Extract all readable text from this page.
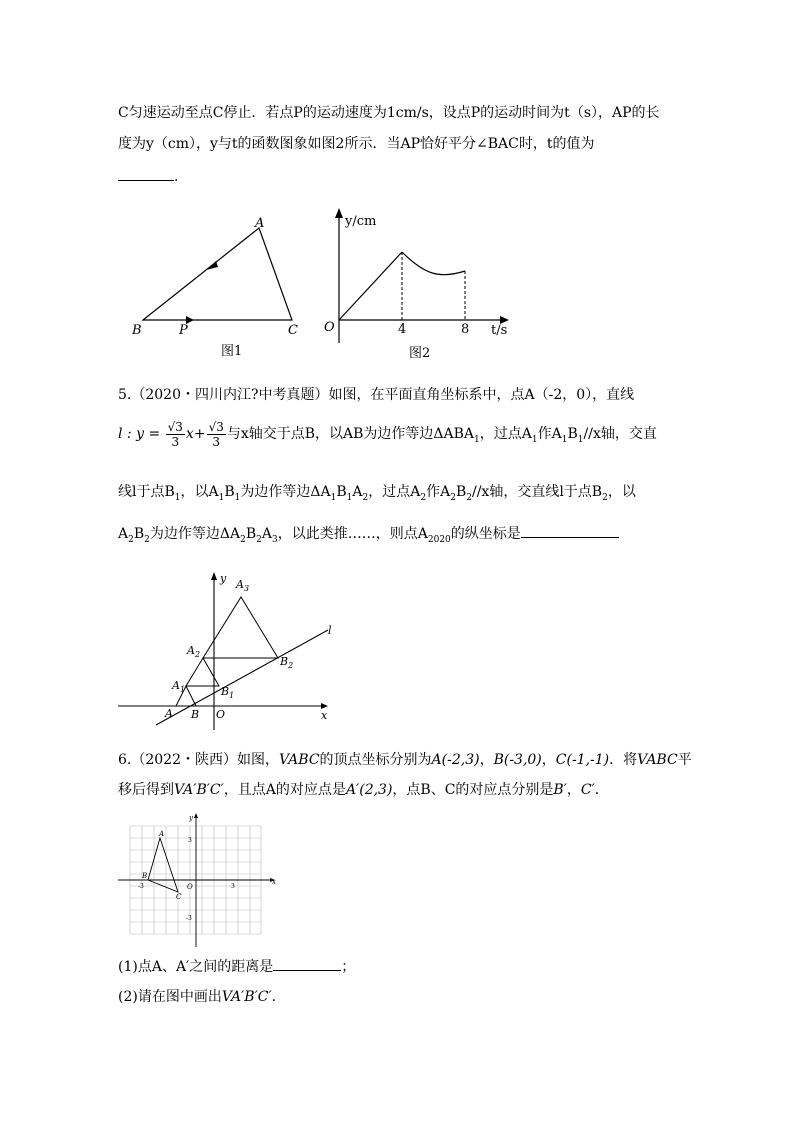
C匀速运动至点C停止．若点P的运动速度为1cm/s，设点P的运动时间为t（s），AP的长
度为y（cm），y与t的函数图象如图2所示．当AP恰好平分∠BAC时，t的值为
．
A
B	C
P
图1
y/cm
t/s
O	4	8
图2
5.（2020・四川内江?中考真题）如图，在平面直角坐标系中，点A（-2，0），直线
l : $y = \frac{√3}{3} x+ \frac{√3}{3}$ 与x轴交于点B，以AB为边作等边$\Delta ABA_1$，过点$A_1$作$A_1B_1//x$轴，交直
线l于点$B_1$，以$A_1B_1$为边作等边$\Delta A_1B_1A_2$，过点$A_2$作$A_2B_2//x$轴，交直线l于点$B_2$，以
$A_2B_2$为边作等边$\Delta A_2B_2A_3$，以此类推……，则点$A_{2020}$的纵坐标是
y
x
O
A B
l
$A_1$	$B_1$
$A_2$
$B_2$
$A_3$
6.（2022・陕西）如图，VABC的顶点坐标分别为A(-2,3)，B(-3,0)，C(-1,-1)．将VABC平
移后得到VA′B′C′，且点A的对应点是A′(2,3)，点B、C的对应点分别是B′，C′．
y
x
O
A
B
C
3
-3
3
-3
(1)点A、A′之间的距离是	；
(2)请在图中画出VA′B′C′．
